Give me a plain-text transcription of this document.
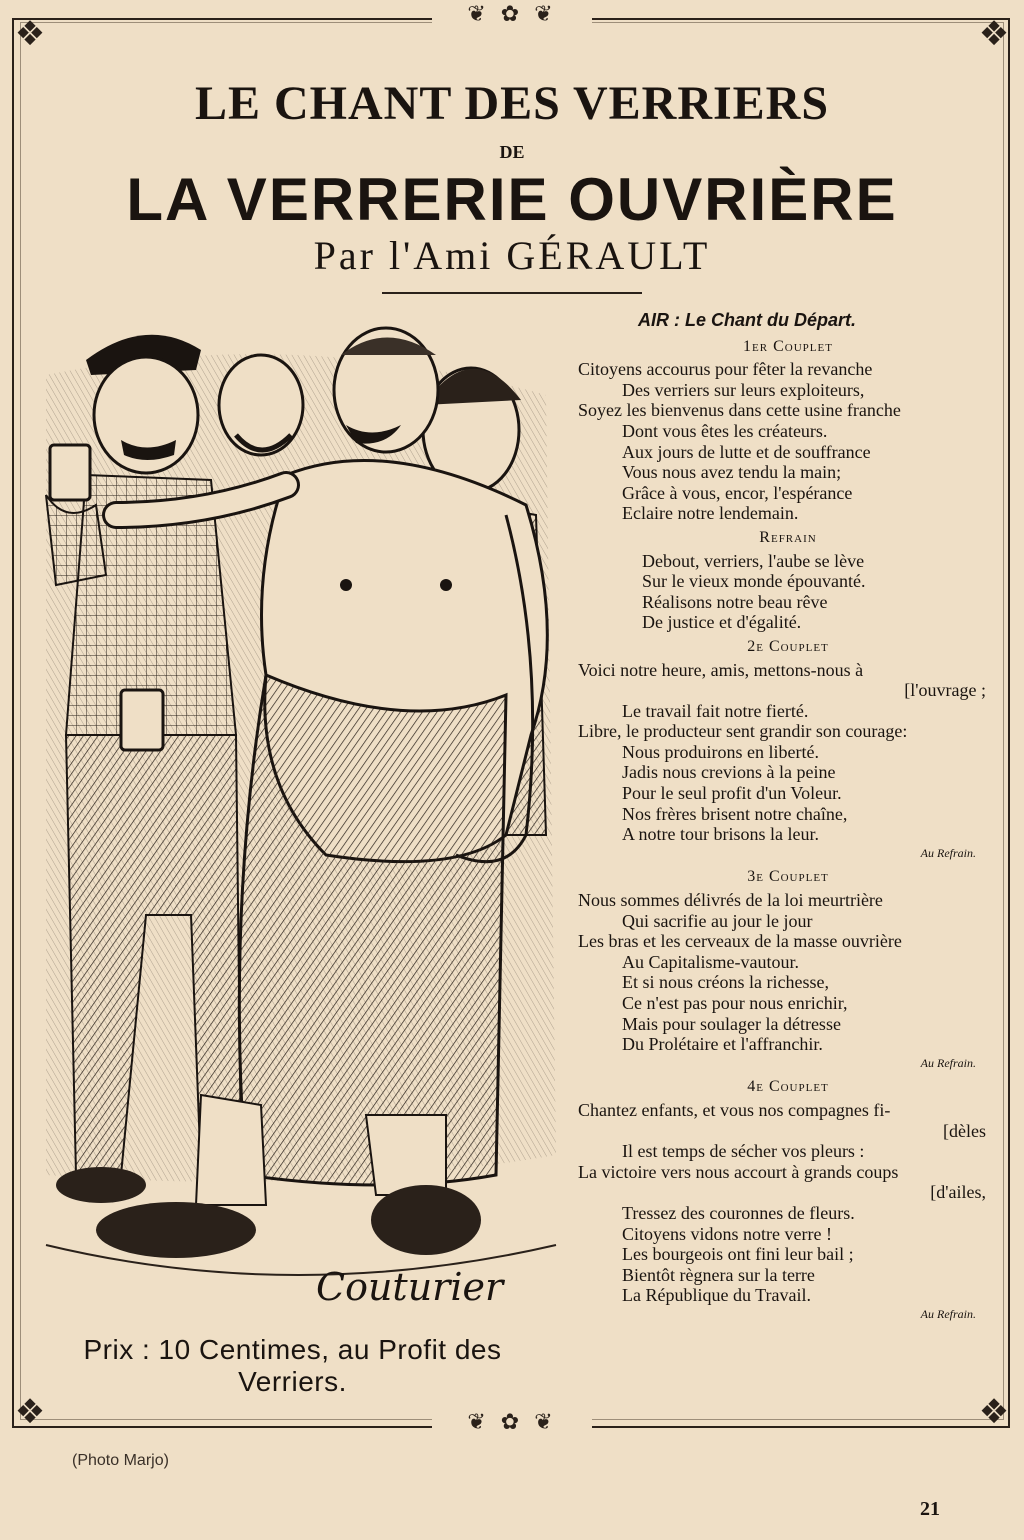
❖	❖
❖	❖
❦ ✿ ❦
❦ ✿ ❦
LE CHANT DES VERRIERS
DE
LA VERRERIE OUVRIÈRE
Par l'Ami GÉRAULT
Couturier
Prix : 10 Centimes, au Profit des Verriers.
AIR : Le Chant du Départ.
1er Couplet
Citoyens accourus pour fêter la revanche
Des verriers sur leurs exploiteurs,
Soyez les bienvenus dans cette usine franche
Dont vous êtes les créateurs.
Aux jours de lutte et de souffrance
Vous nous avez tendu la main;
Grâce à vous, encor, l'espérance
Eclaire notre lendemain.
Refrain
Debout, verriers, l'aube se lève
Sur le vieux monde épouvanté.
Réalisons notre beau rêve
De justice et d'égalité.
2e Couplet
Voici notre heure, amis, mettons-nous à
[l'ouvrage ;
Le travail fait notre fierté.
Libre, le producteur sent grandir son courage:
Nous produirons en liberté.
Jadis nous crevions à la peine
Pour le seul profit d'un Voleur.
Nos frères brisent notre chaîne,
A notre tour brisons la leur.
Au Refrain.
3e Couplet
Nous sommes délivrés de la loi meurtrière
Qui sacrifie au jour le jour
Les bras et les cerveaux de la masse ouvrière
Au Capitalisme-vautour.
Et si nous créons la richesse,
Ce n'est pas pour nous enrichir,
Mais pour soulager la détresse
Du Prolétaire et l'affranchir.
Au Refrain.
4e Couplet
Chantez enfants, et vous nos compagnes fi-
[dèles
Il est temps de sécher vos pleurs :
La victoire vers nous accourt à grands coups
[d'ailes,
Tressez des couronnes de fleurs.
Citoyens vidons notre verre !
Les bourgeois ont fini leur bail ;
Bientôt règnera sur la terre
La République du Travail.
Au Refrain.
(Photo Marjo)
21
